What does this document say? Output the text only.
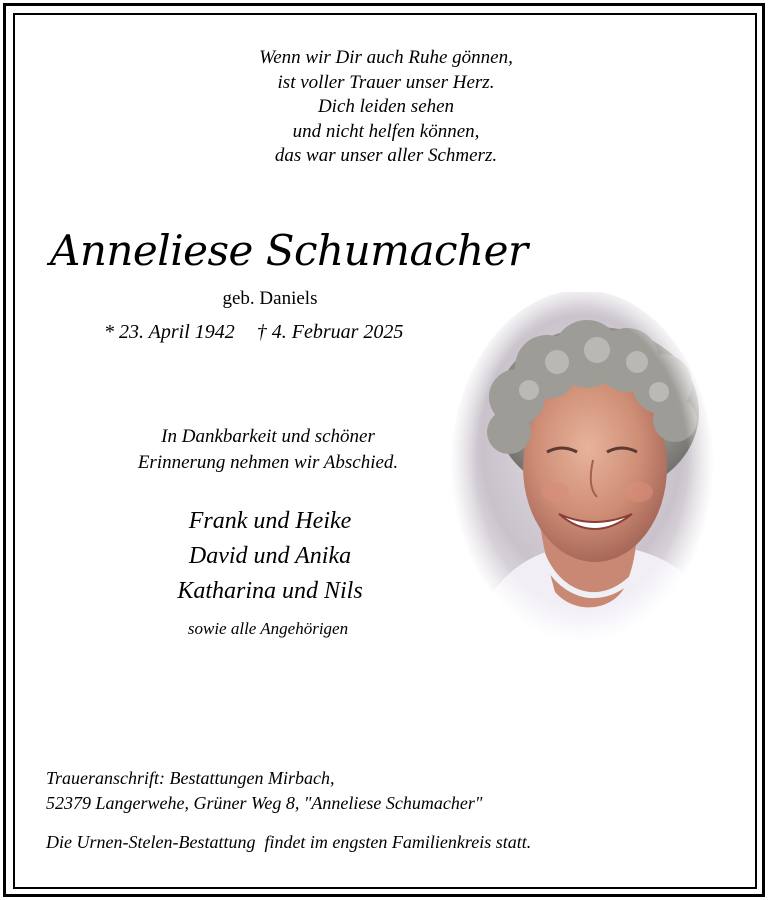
Wenn wir Dir auch Ruhe gönnen,
ist voller Trauer unser Herz.
Dich leiden sehen
und nicht helfen können,
das war unser aller Schmerz.
Anneliese Schumacher
geb. Daniels
* 23. April 1942 † 4. Februar 2025
In Dankbarkeit und schöner
Erinnerung nehmen wir Abschied.
Frank und Heike
David und Anika
Katharina und Nils
sowie alle Angehörigen
Traueranschrift: Bestattungen Mirbach,
52379 Langerwehe, Grüner Weg 8, "Anneliese Schumacher"
Die Urnen-Stelen-Bestattung  findet im engsten Familienkreis statt.
